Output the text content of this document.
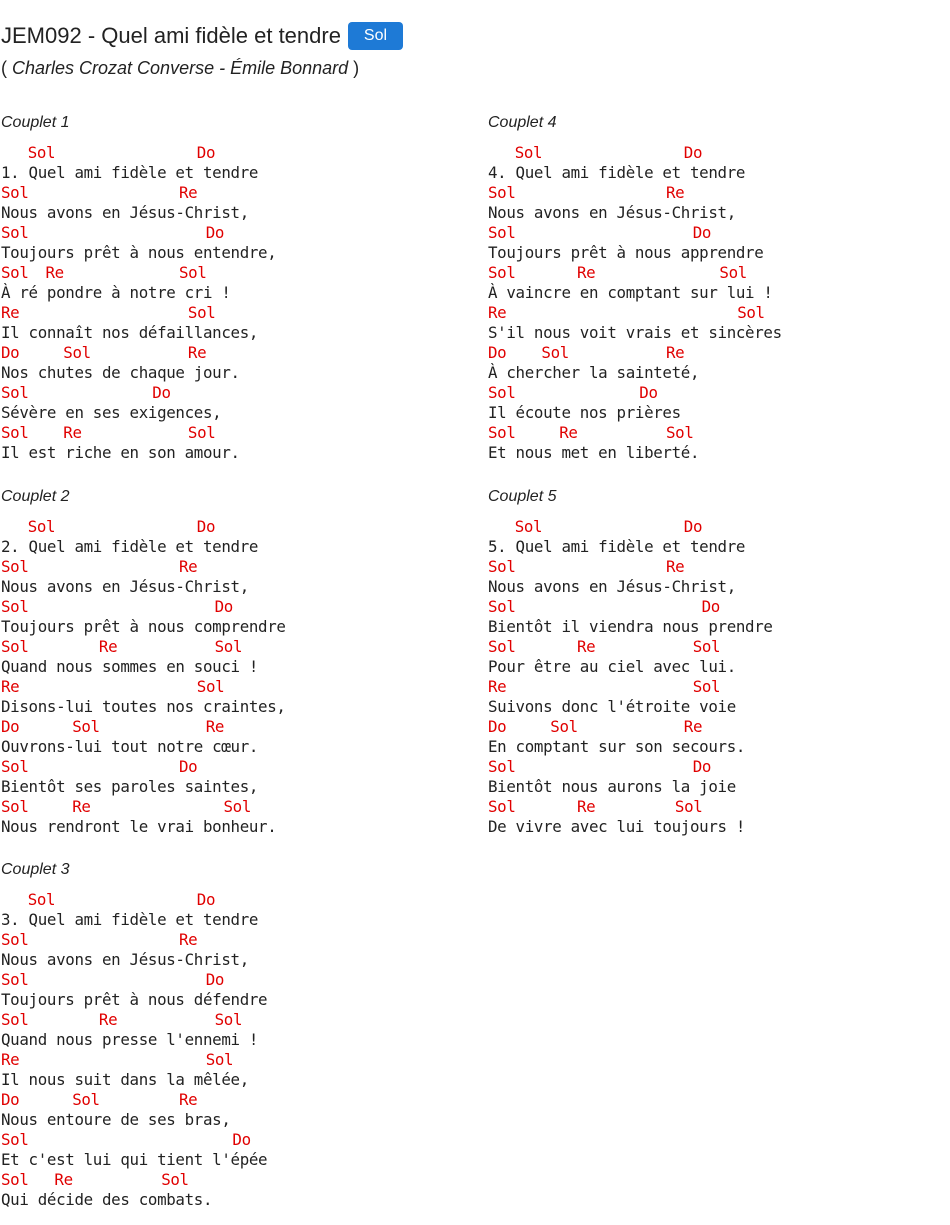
JEM092 - Quel ami fidèle et tendre	Sol
( Charles Crozat Converse - Émile Bonnard )
Couplet 1
Sol	Do
1. Quel ami fidèle et tendre
Sol	Re
Nous avons en Jésus-Christ,
Sol	Do
Toujours prêt à nous entendre,
Sol Re	Sol
À ré pondre à notre cri !
Re	Sol
Il connaît nos défaillances,
Do	Sol	Re
Nos chutes de chaque jour.
Sol	Do
Sévère en ses exigences,
Sol Re	Sol
Il est riche en son amour.
Couplet 2
Sol	Do
2. Quel ami fidèle et tendre
Sol	Re
Nous avons en Jésus-Christ,
Sol	Do
Toujours prêt à nous comprendre
Sol	Re	Sol
Quand nous sommes en souci !
Re	Sol
Disons-lui toutes nos craintes,
Do	Sol	Re
Ouvrons-lui tout notre cœur.
Sol	Do
Bientôt ses paroles saintes,
Sol	Re	Sol
Nous rendront le vrai bonheur.
Couplet 3
Sol	Do
3. Quel ami fidèle et tendre
Sol	Re
Nous avons en Jésus-Christ,
Sol	Do
Toujours prêt à nous défendre
Sol	Re	Sol
Quand nous presse l'ennemi !
Re	Sol
Il nous suit dans la mêlée,
Do	Sol	Re
Nous entoure de ses bras,
Sol	Do
Et c'est lui qui tient l'épée
Sol Re	Sol
Qui décide des combats.
Couplet 4
Sol	Do
4. Quel ami fidèle et tendre
Sol	Re
Nous avons en Jésus-Christ,
Sol	Do
Toujours prêt à nous apprendre
Sol	Re	Sol
À vaincre en comptant sur lui !
Re	Sol
S'il nous voit vrais et sincères
Do Sol	Re
À chercher la sainteté,
Sol	Do
Il écoute nos prières
Sol	Re	Sol
Et nous met en liberté.
Couplet 5
Sol	Do
5. Quel ami fidèle et tendre
Sol	Re
Nous avons en Jésus-Christ,
Sol	Do
Bientôt il viendra nous prendre
Sol	Re	Sol
Pour être au ciel avec lui.
Re	Sol
Suivons donc l'étroite voie
Do	Sol	Re
En comptant sur son secours.
Sol	Do
Bientôt nous aurons la joie
Sol	Re	Sol
De vivre avec lui toujours !
